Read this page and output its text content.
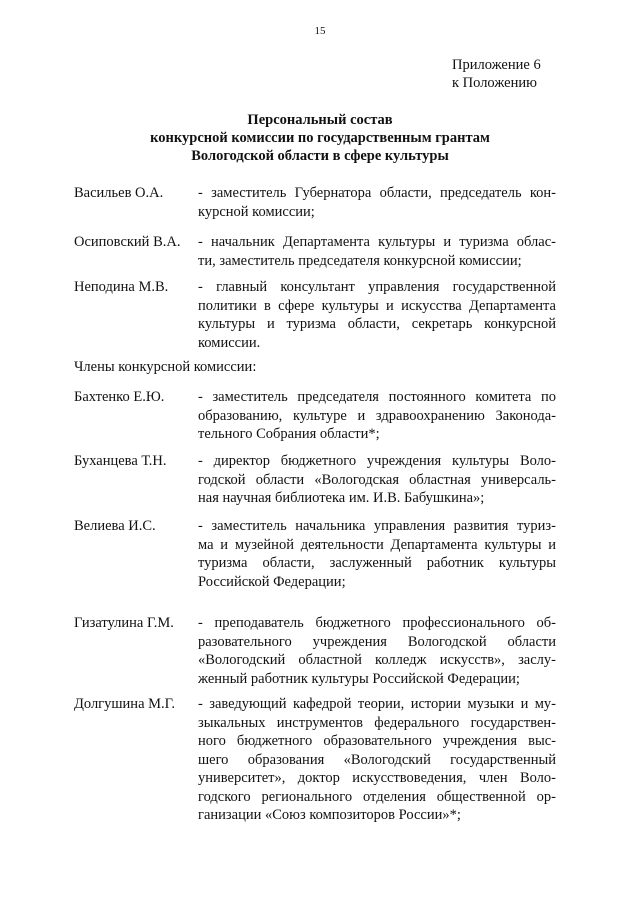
15
Приложение 6
к Положению
Персональный состав
конкурсной комиссии по государственным грантам
Вологодской области в сфере культуры
Васильев О.А. - заместитель Губернатора области, председатель кон-
курсной комиссии;
Осиповский В.А. - начальник Департамента культуры и туризма облас-
ти, заместитель председателя конкурсной комиссии;
Неподина М.В. - главный консультант управления государственной
политики в сфере культуры и искусства Департамента
культуры и туризма области, секретарь конкурсной
комиссии.
Члены конкурсной комиссии:
Бахтенко Е.Ю. - заместитель председателя постоянного комитета по
образованию, культуре и здравоохранению Законода-
тельного Собрания области*;
Буханцева Т.Н. - директор бюджетного учреждения культуры Воло-
годской области «Вологодская областная универсаль-
ная научная библиотека им. И.В. Бабушкина»;
Велиева И.С.	- заместитель начальника управления развития туриз-
ма и музейной деятельности Департамента культуры и
туризма области, заслуженный работник культуры
Российской Федерации;
Гизатулина Г.М. - преподаватель бюджетного профессионального об-
разовательного учреждения Вологодской области
«Вологодский областной колледж искусств», заслу-
женный работник культуры Российской Федерации;
Долгушина М.Г. - заведующий кафедрой теории, истории музыки и му-
зыкальных инструментов федерального государствен-
ного бюджетного образовательного учреждения выс-
шего образования «Вологодский государственный
университет», доктор искусствоведения, член Воло-
годского регионального отделения общественной ор-
ганизации «Союз композиторов России»*;
